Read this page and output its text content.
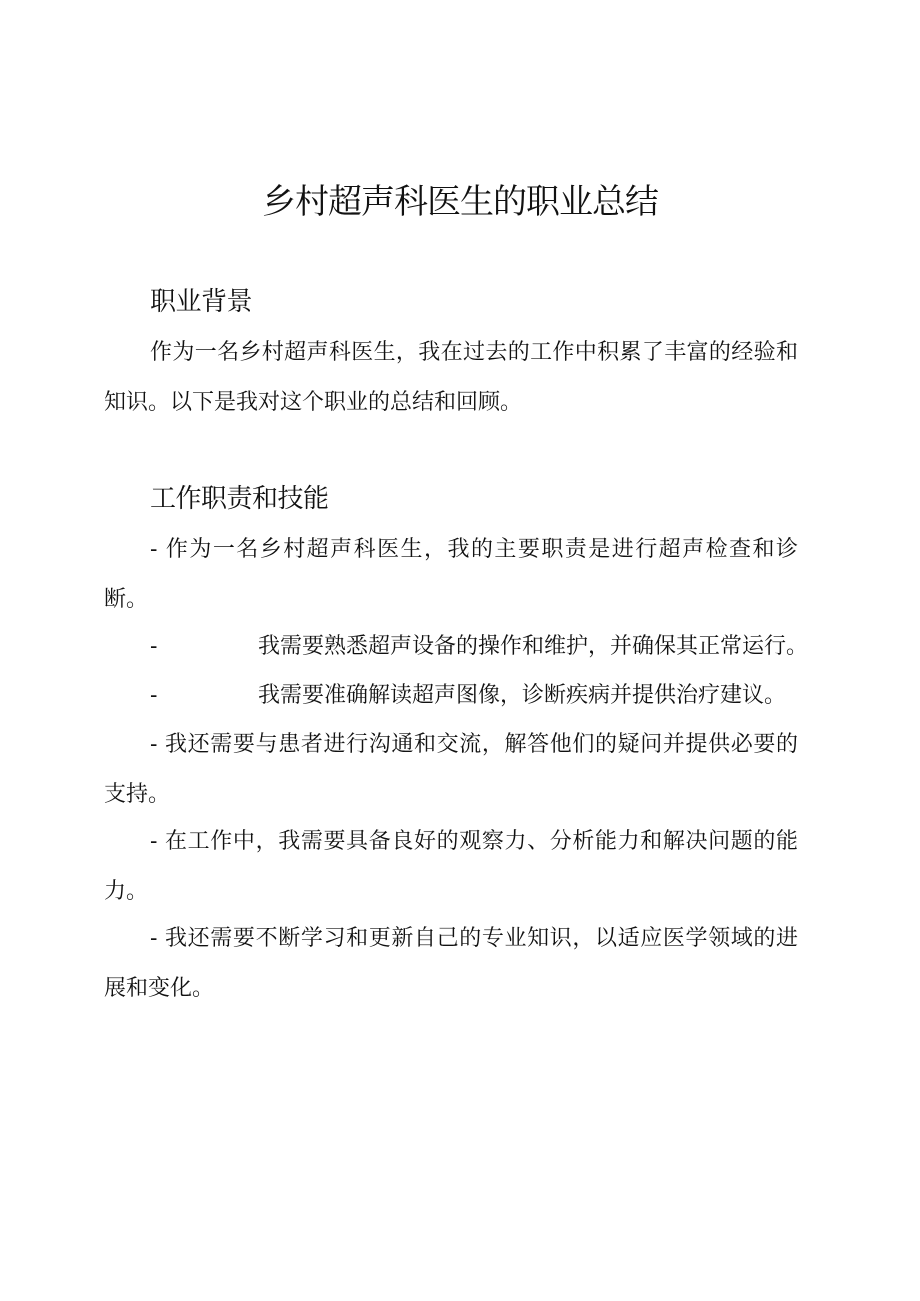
乡村超声科医生的职业总结
职业背景

作为一名乡村超声科医生，我在过去的工作中积累了丰富的经验和知识。以下是我对这个职业的总结和回顾。

工作职责和技能

- 作为一名乡村超声科医生，我的主要职责是进行超声检查和诊断。

-	我需要熟悉超声设备的操作和维护，并确保其正常运行。

-	我需要准确解读超声图像，诊断疾病并提供治疗建议。

- 我还需要与患者进行沟通和交流，解答他们的疑问并提供必要的支持。

- 在工作中，我需要具备良好的观察力、分析能力和解决问题的能力。

- 我还需要不断学习和更新自己的专业知识，以适应医学领域的进展和变化。
